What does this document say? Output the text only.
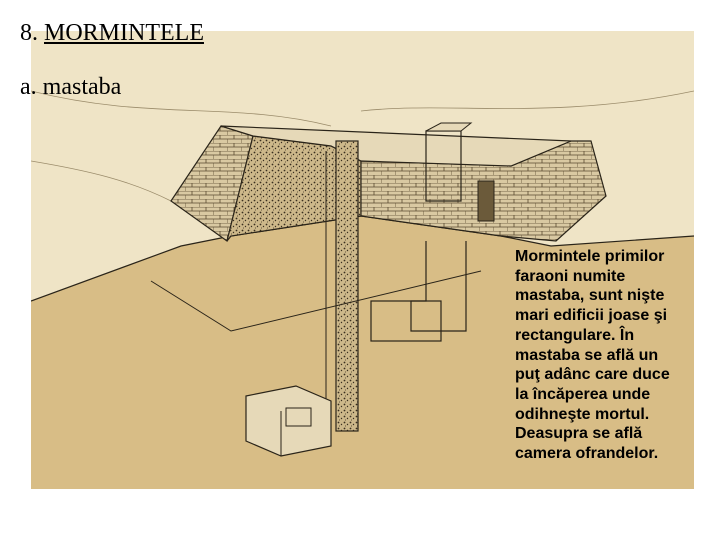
8. MORMINTELE
a. mastaba
Mormintele primilor faraoni numite mastaba, sunt nişte mari edificii joase şi rectangulare. În mastaba se află un puţ adânc care duce la încăperea unde odihneşte mortul. Deasupra se află camera ofrandelor.
